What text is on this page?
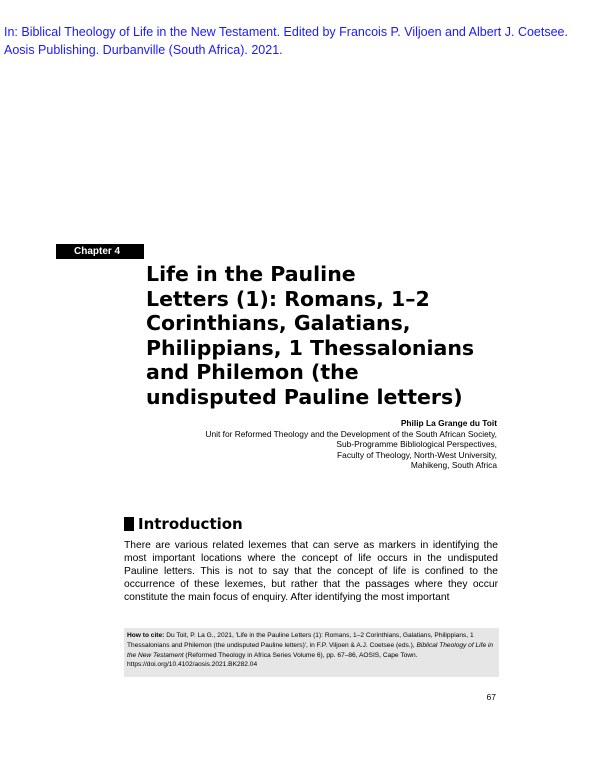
In: Biblical Theology of Life in the New Testament. Edited by Francois P. Viljoen and Albert J. Coetsee. Aosis Publishing. Durbanville (South Africa). 2021.
Chapter 4
Life in the Pauline
Letters (1): Romans, 1–2
Corinthians, Galatians,
Philippians, 1 Thessalonians
and Philemon (the
undisputed Pauline letters)
Philip La Grange du Toit
Unit for Reformed Theology and the Development of the South African Society,
Sub-Programme Bibliological Perspectives,
Faculty of Theology, North-West University,
Mahikeng, South Africa
Introduction

There are various related lexemes that can serve as markers in identifying the most important locations where the concept of life occurs in the undisputed Pauline letters. This is not to say that the concept of life is confined to the occurrence of these lexemes, but rather that the passages where they occur constitute the main focus of enquiry. After identifying the most important

How to cite: Du Toit, P. La G., 2021, 'Life in the Pauline Letters (1): Romans, 1–2 Corinthians, Galatians, Philippians, 1 Thessalonians and Philemon (the undisputed Pauline letters)', in F.P. Viljoen & A.J. Coetsee (eds.), Biblical Theology of Life in the New Testament (Reformed Theology in Africa Series Volume 6), pp. 67–86, AOSIS, Cape Town. https://doi.org/10.4102/aosis.2021.BK282.04
67
